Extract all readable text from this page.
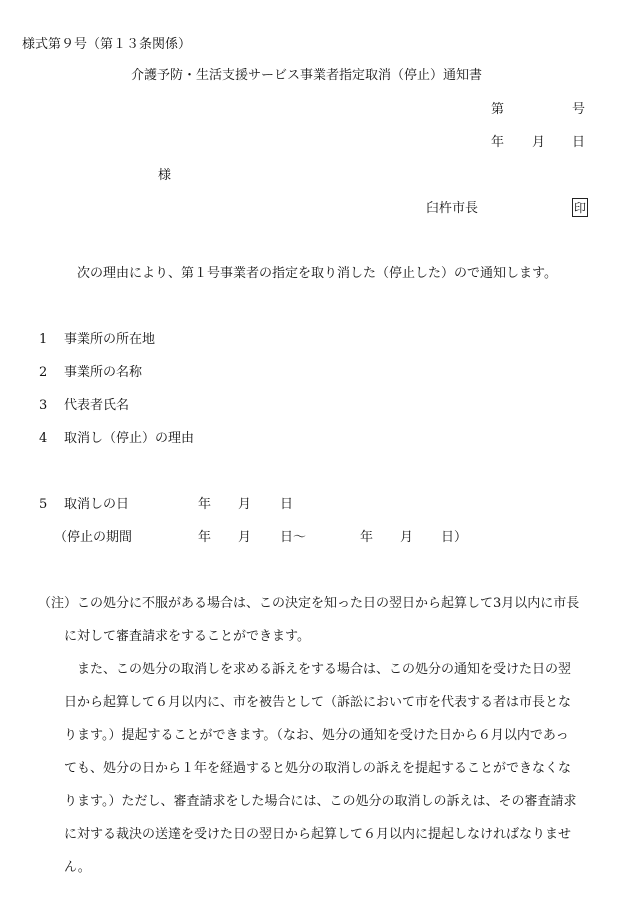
様式第９号（第１３条関係）
介護予防・生活支援サービス事業者指定取消（停止）通知書
第	号
年 月 日
様
臼杵市長	印
次の理由により、第１号事業者の指定を取り消した（停止した）ので通知します。
1 事業所の所在地
2 事業所の名称
3 代表者氏名
4 取消し（停止）の理由
5 取消しの日	年 月 日
（停止の期間	年 月 日～	年 月 日）
（注） この処分に不服がある場合は、この決定を知った日の翌日から起算して3月以内に市長
に対して審査請求をすることができます。
また、この処分の取消しを求める訴えをする場合は、この処分の通知を受けた日の翌
日から起算して６月以内に、市を被告として（訴訟において市を代表する者は市長とな
ります。）提起することができます。（なお、処分の通知を受けた日から６月以内であっ
ても、処分の日から１年を経過すると処分の取消しの訴えを提起することができなくな
ります。）ただし、審査請求をした場合には、この処分の取消しの訴えは、その審査請求
に対する裁決の送達を受けた日の翌日から起算して６月以内に提起しなければなりませ
ん。
